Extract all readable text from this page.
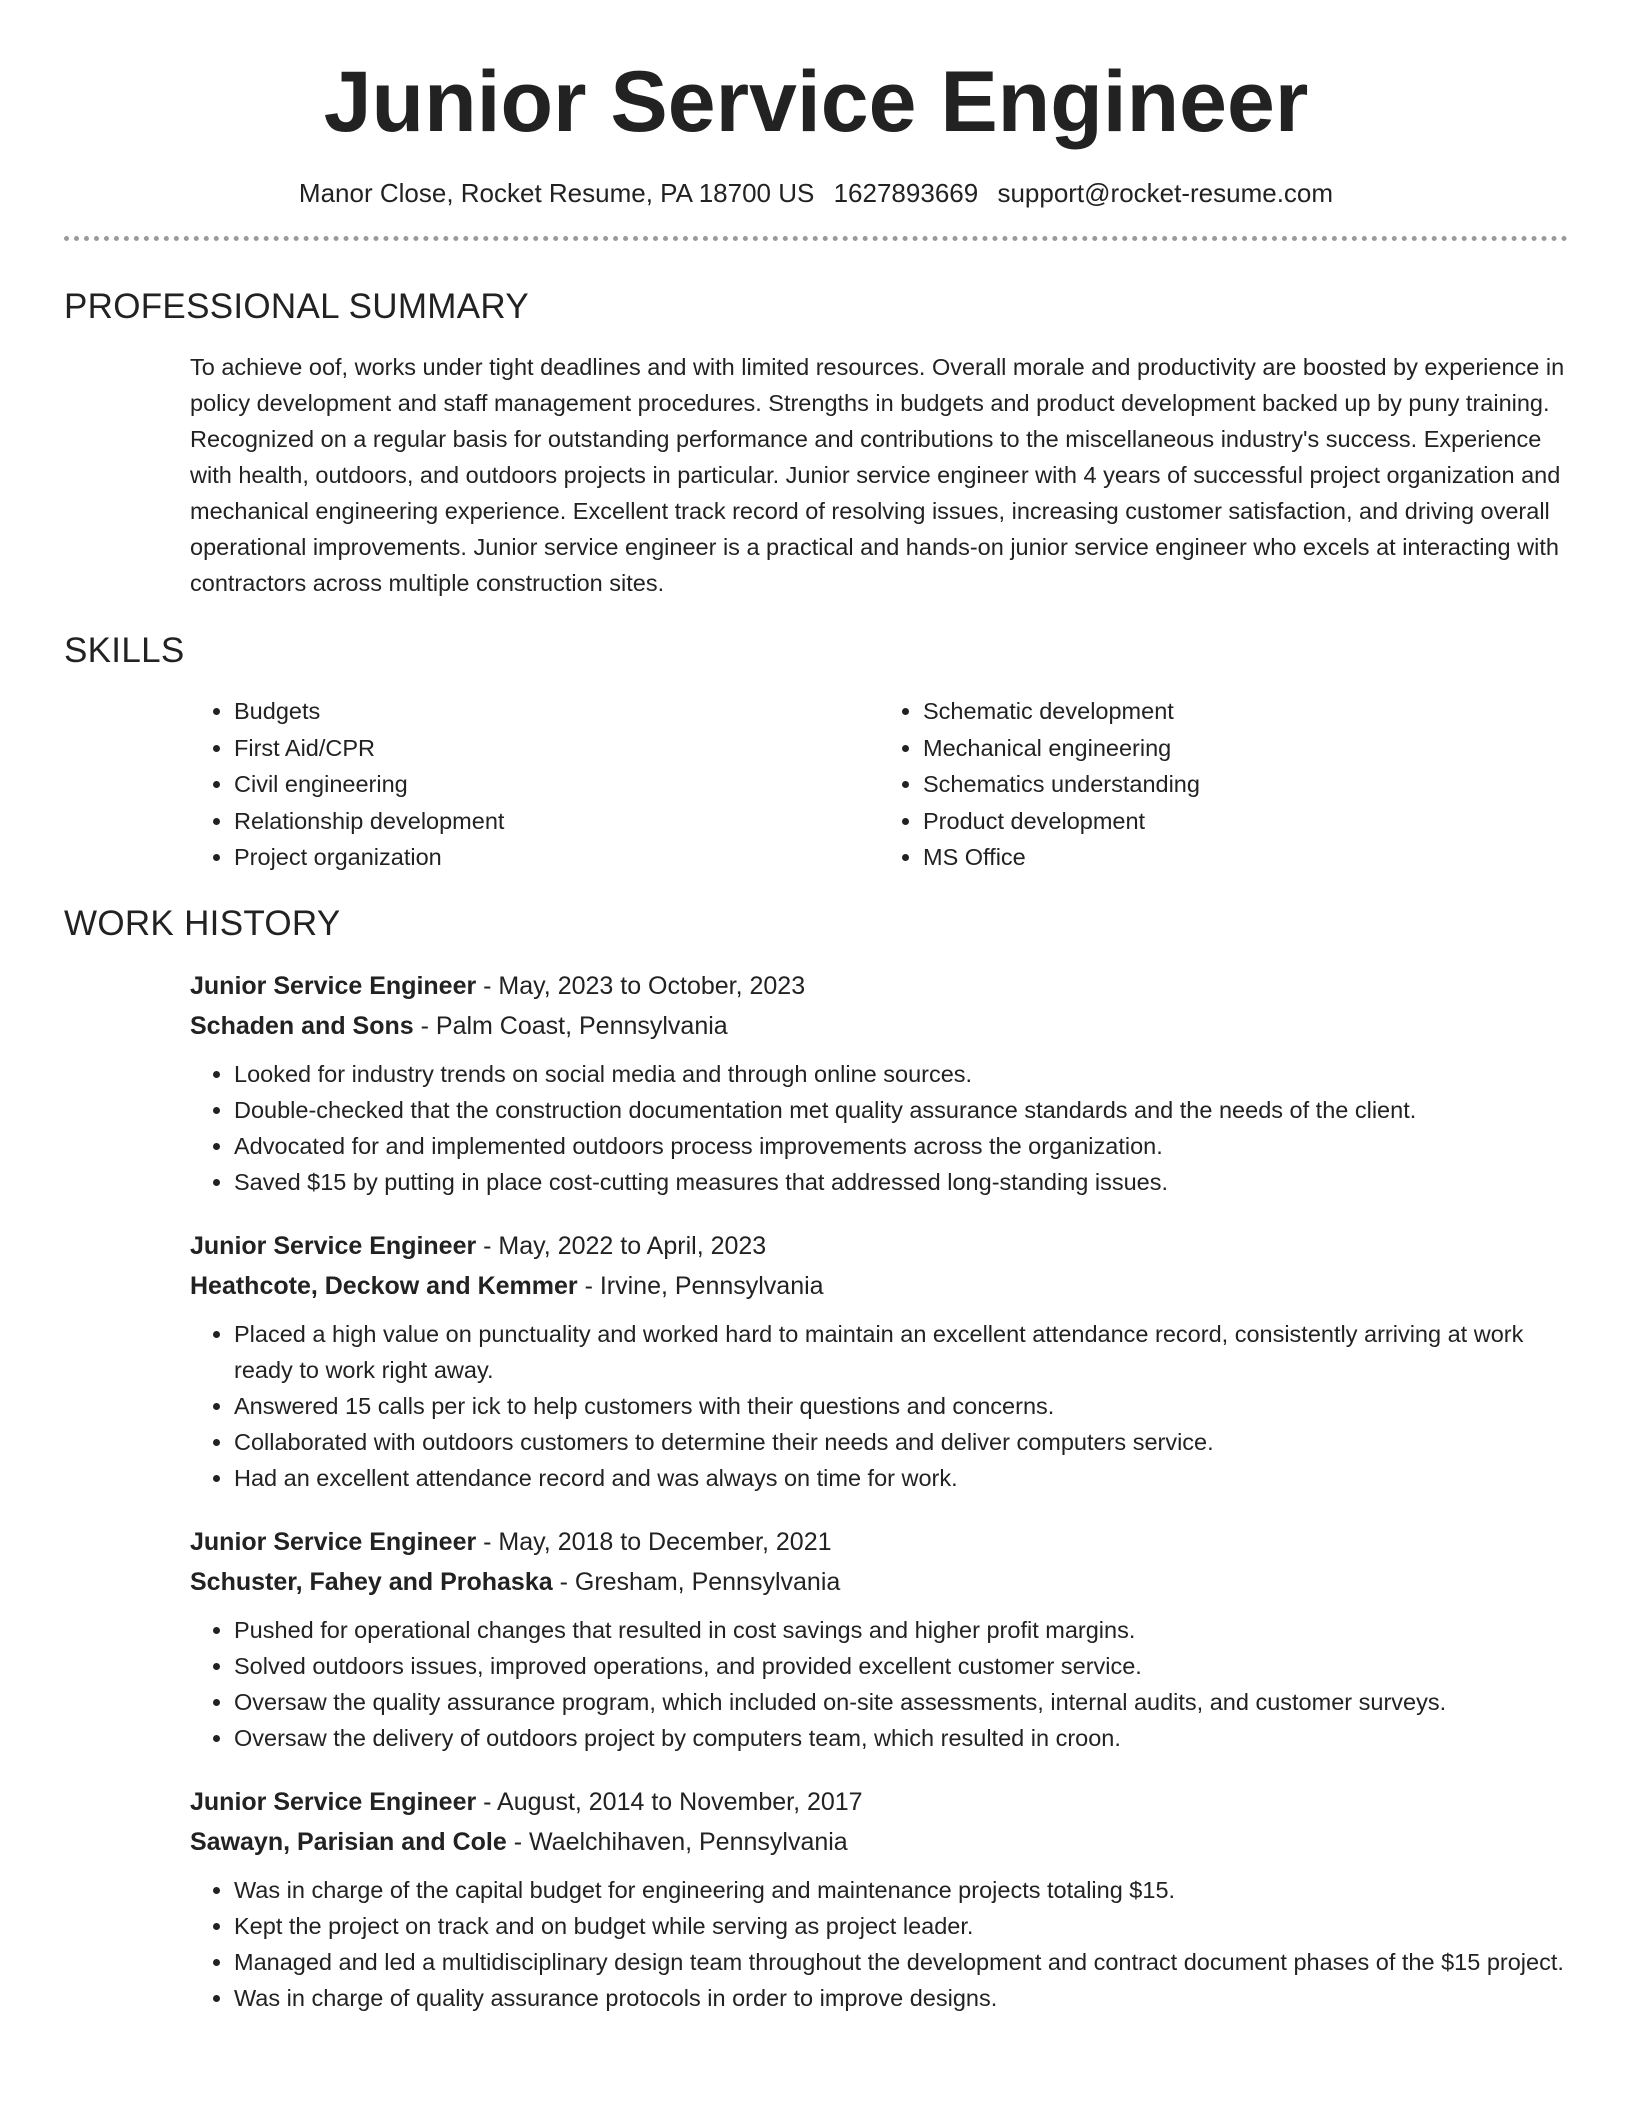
Junior Service Engineer
Manor Close, Rocket Resume, PA 18700 US 1627893669 support@rocket-resume.com
PROFESSIONAL SUMMARY

To achieve oof, works under tight deadlines and with limited resources. Overall morale and productivity are boosted by experience in policy development and staff management procedures. Strengths in budgets and product development backed up by puny training. Recognized on a regular basis for outstanding performance and contributions to the miscellaneous industry's success. Experience with health, outdoors, and outdoors projects in particular. Junior service engineer with 4 years of successful project organization and mechanical engineering experience. Excellent track record of resolving issues, increasing customer satisfaction, and driving overall operational improvements. Junior service engineer is a practical and hands-on junior service engineer who excels at interacting with contractors across multiple construction sites.

SKILLS
• Budgets
• First Aid/CPR
• Civil engineering
• Relationship development
• Project organization
• Schematic development
• Mechanical engineering
• Schematics understanding
• Product development
• MS Office
WORK HISTORY
Junior Service Engineer - May, 2023 to October, 2023
Schaden and Sons - Palm Coast, Pennsylvania
• Looked for industry trends on social media and through online sources.
• Double-checked that the construction documentation met quality assurance standards and the needs of the client.
• Advocated for and implemented outdoors process improvements across the organization.
• Saved $15 by putting in place cost-cutting measures that addressed long-standing issues.
Junior Service Engineer - May, 2022 to April, 2023
Heathcote, Deckow and Kemmer - Irvine, Pennsylvania
• Placed a high value on punctuality and worked hard to maintain an excellent attendance record, consistently arriving at work ready to work right away.
• Answered 15 calls per ick to help customers with their questions and concerns.
• Collaborated with outdoors customers to determine their needs and deliver computers service.
• Had an excellent attendance record and was always on time for work.
Junior Service Engineer - May, 2018 to December, 2021
Schuster, Fahey and Prohaska - Gresham, Pennsylvania
• Pushed for operational changes that resulted in cost savings and higher profit margins.
• Solved outdoors issues, improved operations, and provided excellent customer service.
• Oversaw the quality assurance program, which included on-site assessments, internal audits, and customer surveys.
• Oversaw the delivery of outdoors project by computers team, which resulted in croon.
Junior Service Engineer - August, 2014 to November, 2017
Sawayn, Parisian and Cole - Waelchihaven, Pennsylvania
• Was in charge of the capital budget for engineering and maintenance projects totaling $15.
• Kept the project on track and on budget while serving as project leader.
• Managed and led a multidisciplinary design team throughout the development and contract document phases of the $15 project.
• Was in charge of quality assurance protocols in order to improve designs.
